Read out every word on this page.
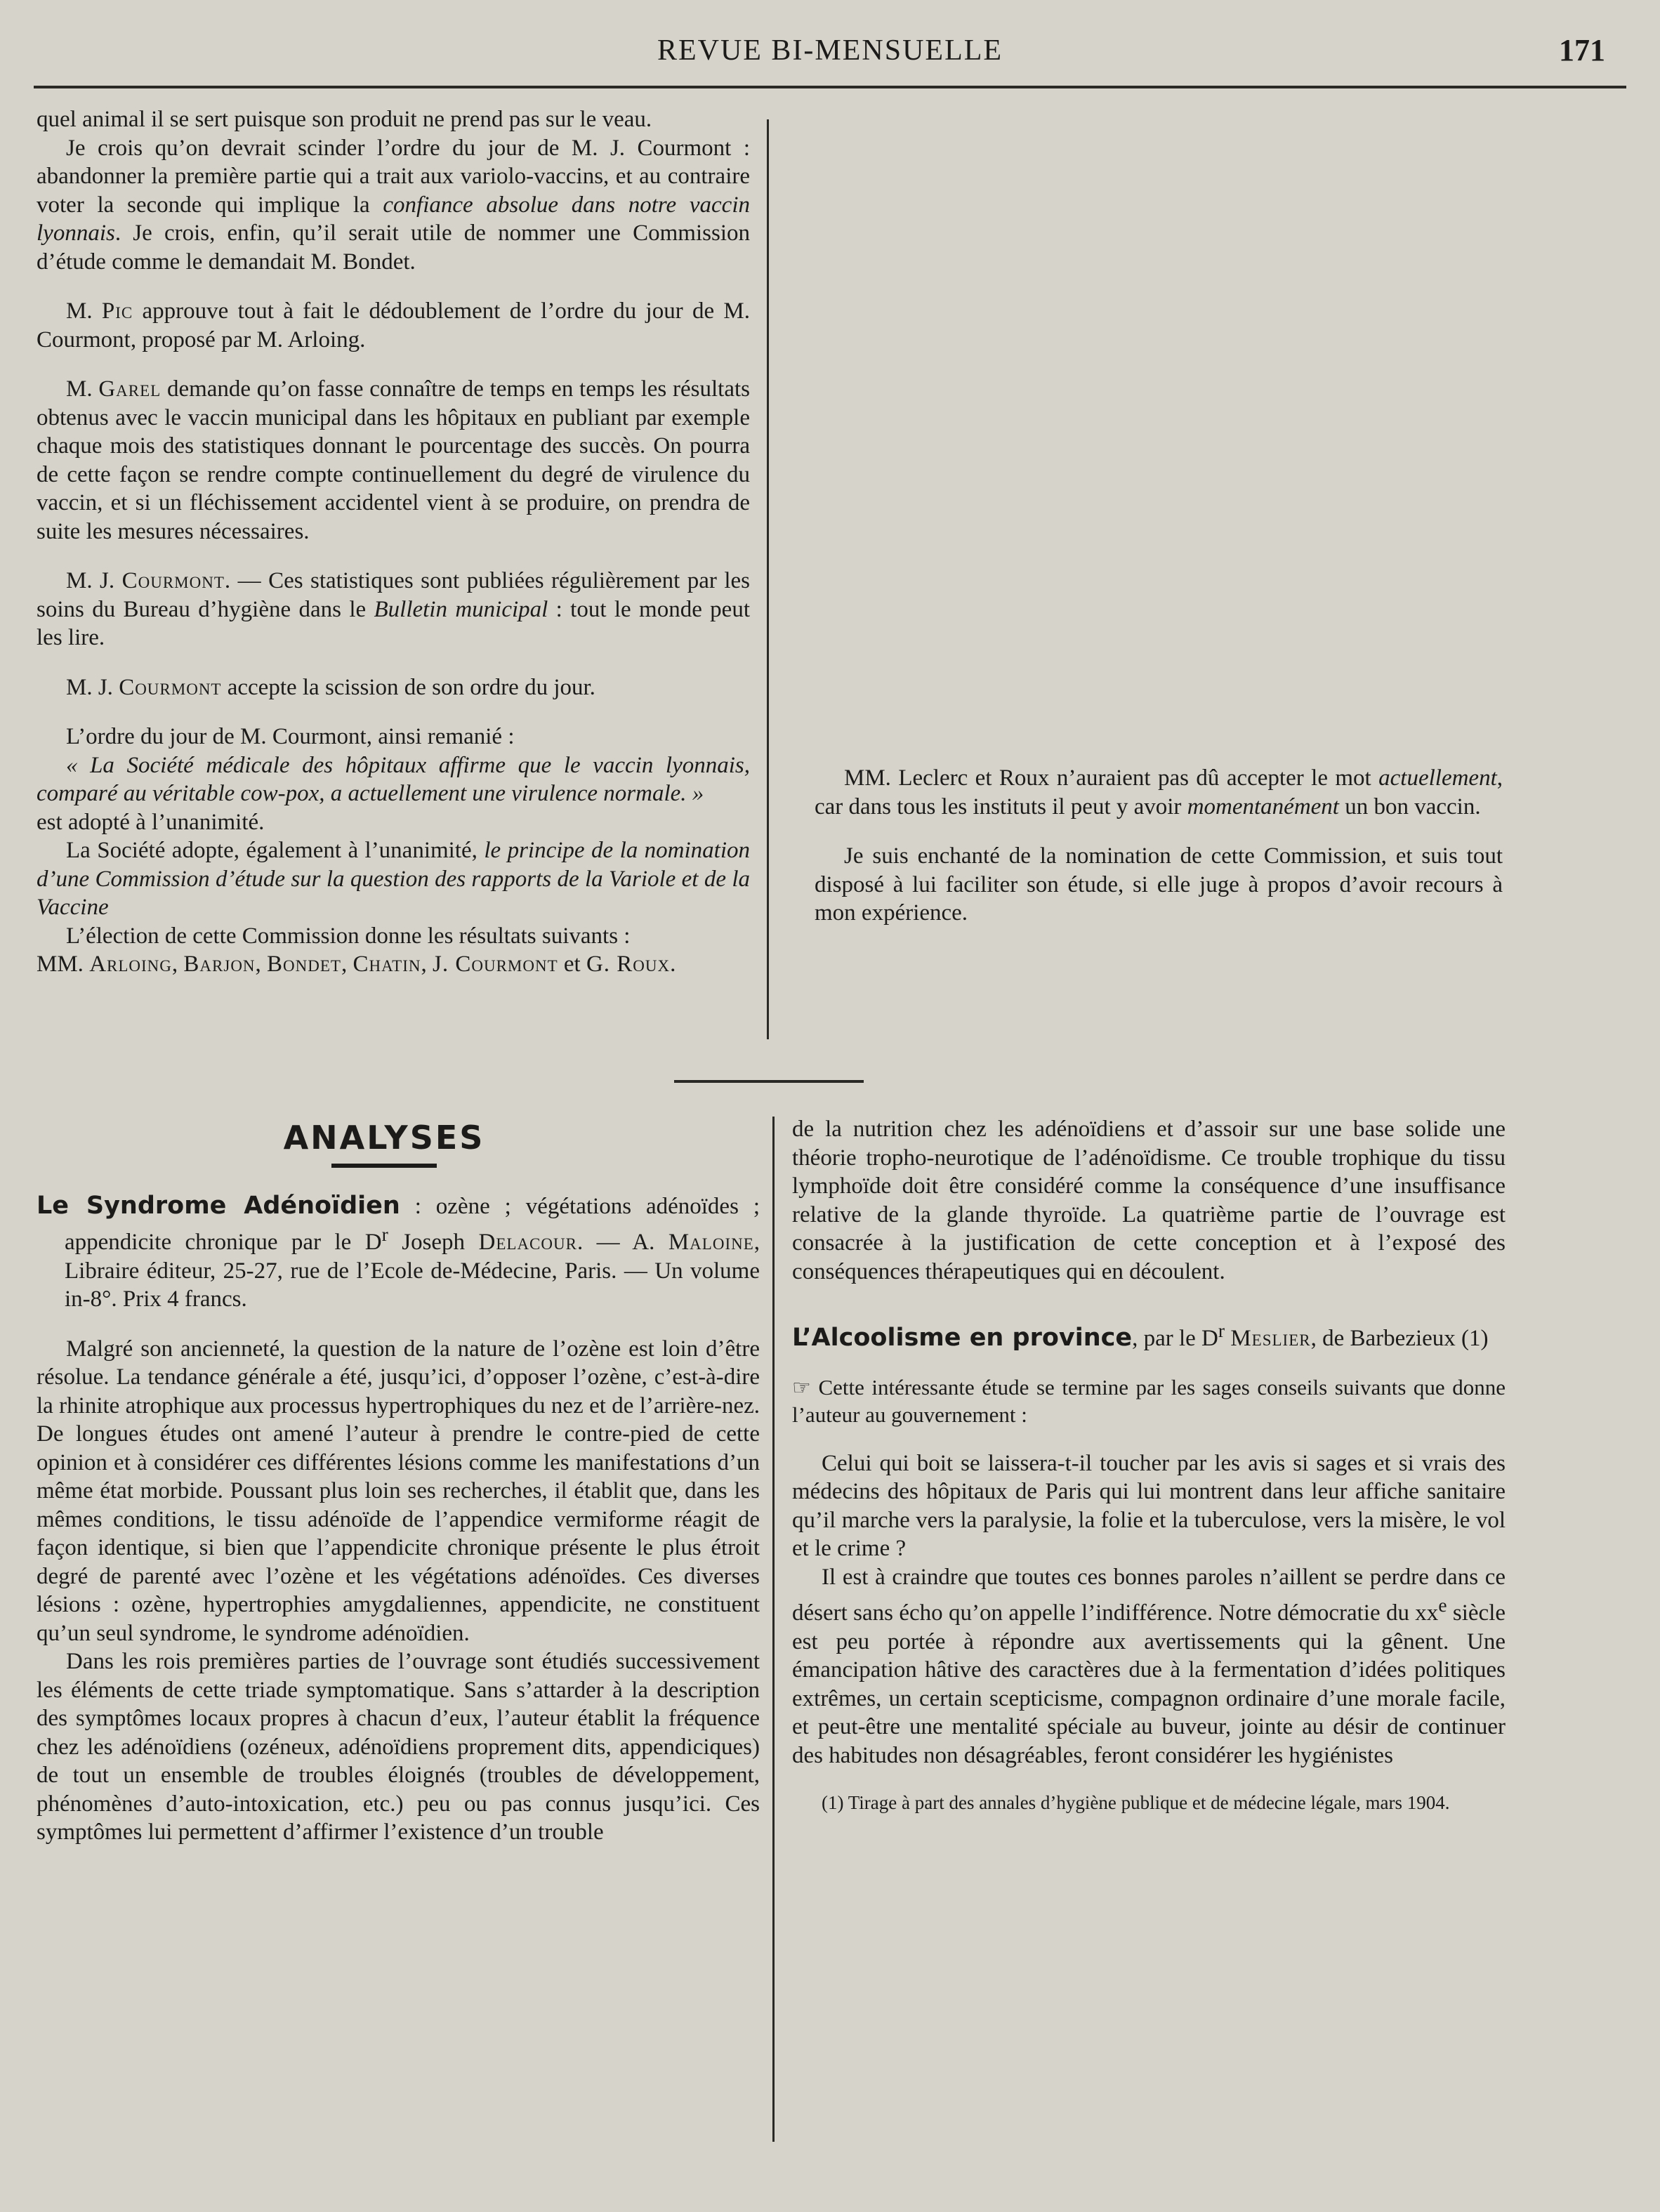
REVUE BI-MENSUELLE	171

quel animal il se sert puisque son produit ne prend pas sur le veau.

Je crois qu’on devrait scinder l’ordre du jour de M. J. Courmont : abandonner la première partie qui a trait aux variolo-vaccins, et au contraire voter la seconde qui implique la confiance absolue dans notre vaccin lyonnais. Je crois, enfin, qu’il serait utile de nommer une Commission d’étude comme le demandait M. Bondet.

M. Pic approuve tout à fait le dédoublement de l’ordre du jour de M. Courmont, proposé par M. Arloing.

M. Garel demande qu’on fasse connaître de temps en temps les résultats obtenus avec le vaccin municipal dans les hôpitaux en publiant par exemple chaque mois des statistiques donnant le pourcentage des succès. On pourra de cette façon se rendre compte continuellement du degré de virulence du vaccin, et si un fléchissement accidentel vient à se produire, on prendra de suite les mesures nécessaires.

M. J. Courmont. — Ces statistiques sont publiées régulièrement par les soins du Bureau d’hygiène dans le Bulletin municipal : tout le monde peut les lire.

M. J. Courmont accepte la scission de son ordre du jour.

L’ordre du jour de M. Courmont, ainsi remanié :

« La Société médicale des hôpitaux affirme que le vaccin lyonnais, comparé au véritable cow-pox, a actuellement une virulence normale. »

est adopté à l’unanimité.

La Société adopte, également à l’unanimité, le principe de la nomination d’une Commission d’étude sur la question des rapports de la Variole et de la Vaccine

L’élection de cette Commission donne les résultats suivants :

MM. Arloing, Barjon, Bondet, Chatin, J. Courmont et G. Roux.

MM. Leclerc et Roux n’auraient pas dû accepter le mot actuellement, car dans tous les instituts il peut y avoir momentanément un bon vaccin.

Je suis enchanté de la nomination de cette Commission, et suis tout disposé à lui faciliter son étude, si elle juge à propos d’avoir recours à mon expérience.

ANALYSES

Le Syndrome Adénoïdien : ozène ; végétations adénoïdes ; appendicite chronique par le $D^r$ Joseph Delacour. — A. Maloine, Libraire éditeur, 25-27, rue de l’Ecole de-Médecine, Paris. — Un volume in-8°. Prix 4 francs.

Malgré son ancienneté, la question de la nature de l’ozène est loin d’être résolue. La tendance générale a été, jusqu’ici, d’opposer l’ozène, c’est-à-dire la rhinite atrophique aux processus hypertrophiques du nez et de l’arrière-nez. De longues études ont amené l’auteur à prendre le contre-pied de cette opinion et à considérer ces différentes lésions comme les manifestations d’un même état morbide. Poussant plus loin ses recherches, il établit que, dans les mêmes conditions, le tissu adénoïde de l’appendice vermiforme réagit de façon identique, si bien que l’appendicite chronique présente le plus étroit degré de parenté avec l’ozène et les végétations adénoïdes. Ces diverses lésions : ozène, hypertrophies amygdaliennes, appendicite, ne constituent qu’un seul syndrome, le syndrome adénoïdien.

Dans les rois premières parties de l’ouvrage sont étudiés successivement les éléments de cette triade symptomatique. Sans s’attarder à la description des symptômes locaux propres à chacun d’eux, l’auteur établit la fréquence chez les adénoïdiens (ozéneux, adénoïdiens proprement dits, appendiciques) de tout un ensemble de troubles éloignés (troubles de développement, phénomènes d’auto-intoxication, etc.) peu ou pas connus jusqu’ici. Ces symptômes lui permettent d’affirmer l’existence d’un trouble

de la nutrition chez les adénoïdiens et d’assoir sur une base solide une théorie tropho-neurotique de l’adénoïdisme. Ce trouble trophique du tissu lymphoïde doit être considéré comme la conséquence d’une insuffisance relative de la glande thyroïde. La quatrième partie de l’ouvrage est consacrée à la justification de cette conception et à l’exposé des conséquences thérapeutiques qui en découlent.

L’Alcoolisme en province, par le $D^r$ Meslier, de Barbezieux (1)

☞ Cette intéressante étude se termine par les sages conseils suivants que donne l’auteur au gouvernement :

Celui qui boit se laissera-t-il toucher par les avis si sages et si vrais des médecins des hôpitaux de Paris qui lui montrent dans leur affiche sanitaire qu’il marche vers la paralysie, la folie et la tuberculose, vers la misère, le vol et le crime ?

Il est à craindre que toutes ces bonnes paroles n’aillent se perdre dans ce désert sans écho qu’on appelle l’indifférence. Notre démocratie du $xx^e$ siècle est peu portée à répondre aux avertissements qui la gênent. Une émancipation hâtive des caractères due à la fermentation d’idées politiques extrêmes, un certain scepticisme, compagnon ordinaire d’une morale facile, et peut-être une mentalité spéciale au buveur, jointe au désir de continuer des habitudes non désagréables, feront considérer les hygiénistes

(1) Tirage à part des annales d’hygiène publique et de médecine légale, mars 1904.
